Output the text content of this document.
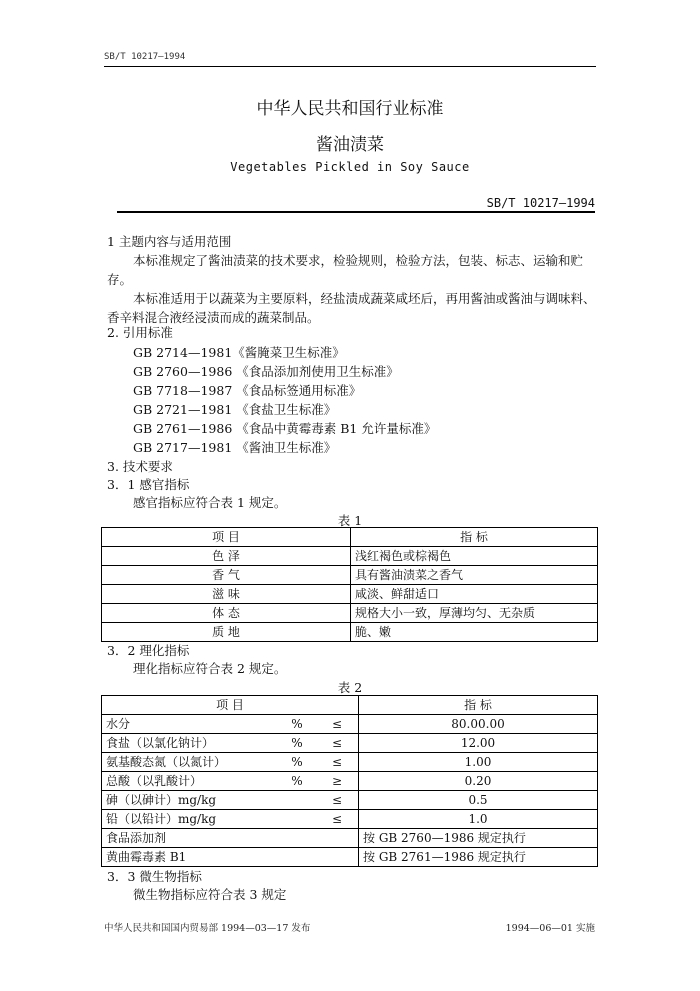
SB/T 10217—1994
中华人民共和国行业标准
酱油渍菜
Vegetables Pickled in Soy Sauce
SB/T 10217—1994
1 主题内容与适用范围
本标准规定了酱油渍菜的技术要求，检验规则，检验方法，包装、标志、运输和贮存。
本标准适用于以蔬菜为主要原料，经盐渍成蔬菜咸坯后，再用酱油或酱油与调味料、香辛料混合液经浸渍而成的蔬菜制品。
2. 引用标准
GB 2714—1981《酱腌菜卫生标准》
GB 2760—1986 《食品添加剂使用卫生标准》
GB 7718—1987 《食品标签通用标准》
GB 2721—1981 《食盐卫生标准》
GB 2761—1986 《食品中黄霉毒素 B1 允许量标准》
GB 2717—1981 《酱油卫生标准》
3. 技术要求
3．1 感官指标
感官指标应符合表 1 规定。
表 1
项 目	指 标
色 泽	浅红褐色或棕褐色
香 气	具有酱油渍菜之香气
滋 味	咸淡、鲜甜适口
体 态	规格大小一致，厚薄均匀、无杂质
质 地	脆、嫩
3．2 理化指标
理化指标应符合表 2 规定。
表 2
项 目			指 标
水分	%	≤	80.00.00
食盐（以氯化钠计）	%	≤	12.00
氨基酸态氮（以氮计）	%	≤	1.00
总酸（以乳酸计）	%	≥	0.20
砷（以砷计）mg/kg		≤	0.5
铅（以铅计）mg/kg		≤	1.0
食品添加剂			按 GB 2760—1986 规定执行
黄曲霉毒素 B1			按 GB 2761—1986 规定执行
3．3 微生物指标
微生物指标应符合表 3 规定
中华人民共和国国内贸易部 1994—03—17 发布	1994—06—01 实施
